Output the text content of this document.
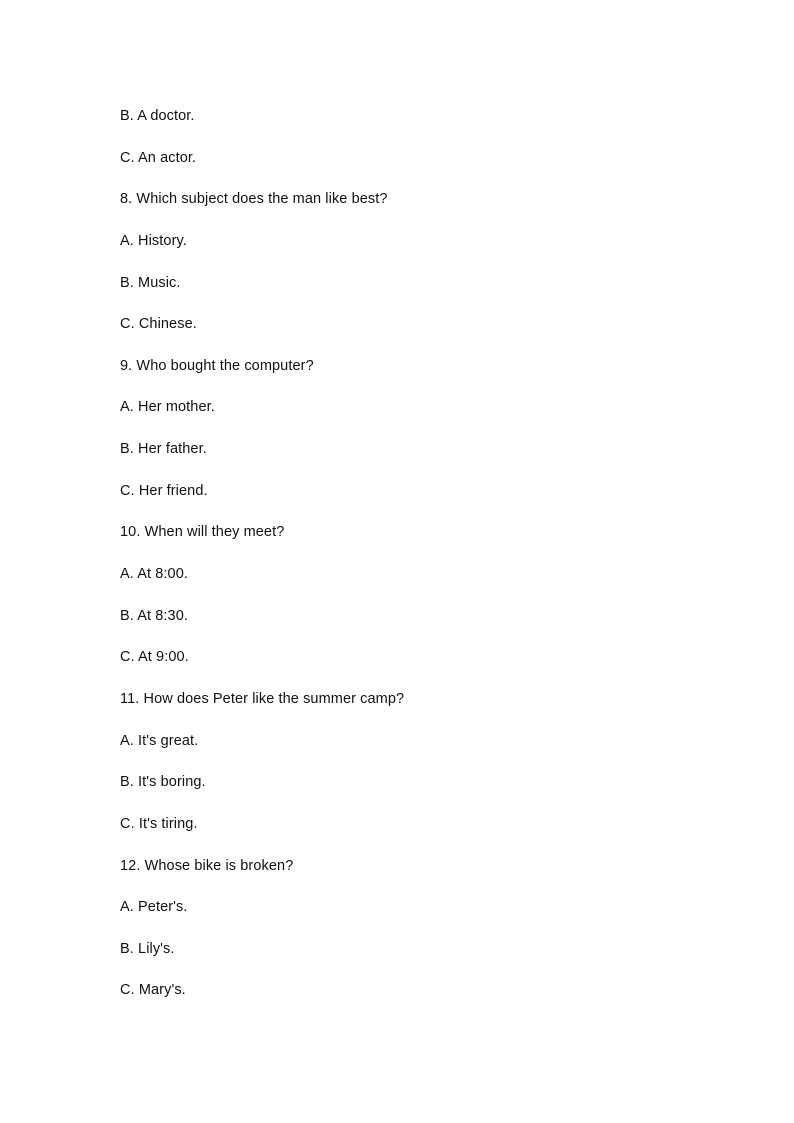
B. A doctor.
C. An actor.
8. Which subject does the man like best?
A. History.
B. Music.
C. Chinese.
9. Who bought the computer?
A. Her mother.
B. Her father.
C. Her friend.
10. When will they meet?
A. At 8:00.
B. At 8:30.
C. At 9:00.
11. How does Peter like the summer camp?
A. It's great.
B. It's boring.
C. It's tiring.
12. Whose bike is broken?
A. Peter's.
B. Lily's.
C. Mary's.
